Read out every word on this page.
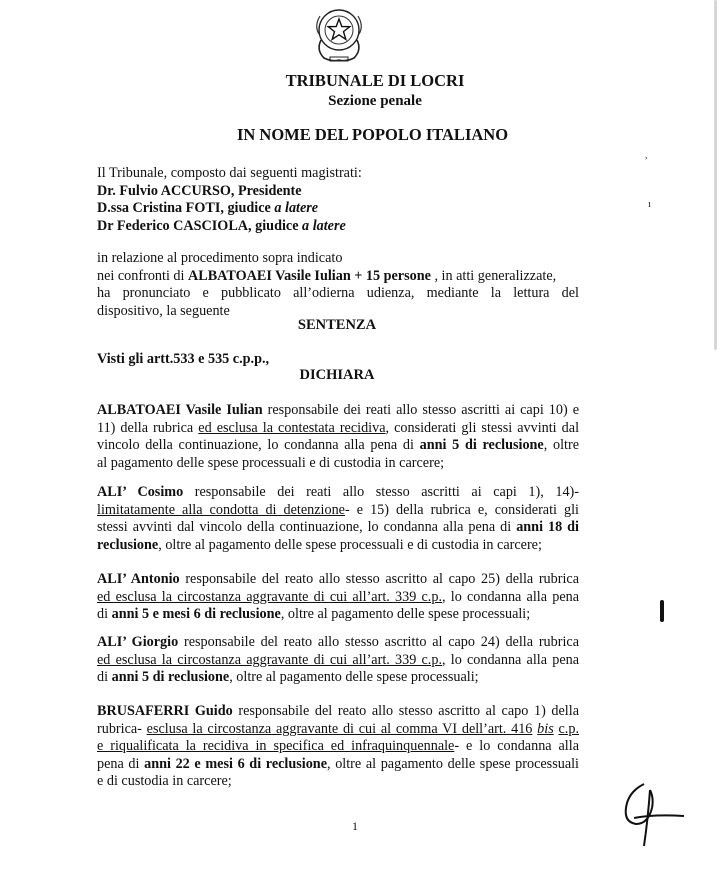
TRIBUNALE DI LOCRI
Sezione penale
IN NOME DEL POPOLO ITALIANO
Il Tribunale, composto dai seguenti magistrati:
Dr. Fulvio ACCURSO, Presidente
D.ssa Cristina FOTI, giudice a latere
Dr Federico CASCIOLA, giudice a latere
in relazione al procedimento sopra indicato
nei confronti di ALBATOAEI Vasile Iulian + 15 persone , in atti generalizzate,
ha pronunciato e pubblicato all’odierna udienza, mediante la lettura del
dispositivo, la seguente
SENTENZA
Visti gli artt.533 e 535 c.p.p.,
DICHIARA
ALBATOAEI Vasile Iulian responsabile dei reati allo stesso ascritti ai capi 10) e
11) della rubrica ed esclusa la contestata recidiva, considerati gli stessi avvinti dal
vincolo della continuazione, lo condanna alla pena di anni 5 di reclusione, oltre
al pagamento delle spese processuali e di custodia in carcere;
ALI’ Cosimo responsabile dei reati allo stesso ascritti ai capi 1), 14)-
limitatamente alla condotta di detenzione- e 15) della rubrica e, considerati gli
stessi avvinti dal vincolo della continuazione, lo condanna alla pena di anni 18 di
reclusione, oltre al pagamento delle spese processuali e di custodia in carcere;
ALI’ Antonio responsabile del reato allo stesso ascritto al capo 25) della rubrica
ed esclusa la circostanza aggravante di cui all’art. 339 c.p., lo condanna alla pena
di anni 5 e mesi 6 di reclusione, oltre al pagamento delle spese processuali;
ALI’ Giorgio responsabile del reato allo stesso ascritto al capo 24) della rubrica
ed esclusa la circostanza aggravante di cui all’art. 339 c.p., lo condanna alla pena
di anni 5 di reclusione, oltre al pagamento delle spese processuali;
BRUSAFERRI Guido responsabile del reato allo stesso ascritto al capo 1) della
rubrica- esclusa la circostanza aggravante di cui al comma VI dell’art. 416 bis c.p.
e riqualificata la recidiva in specifica ed infraquinquennale- e lo condanna alla
pena di anni 22 e mesi 6 di reclusione, oltre al pagamento delle spese processuali
e di custodia in carcere;
,
ı
1
